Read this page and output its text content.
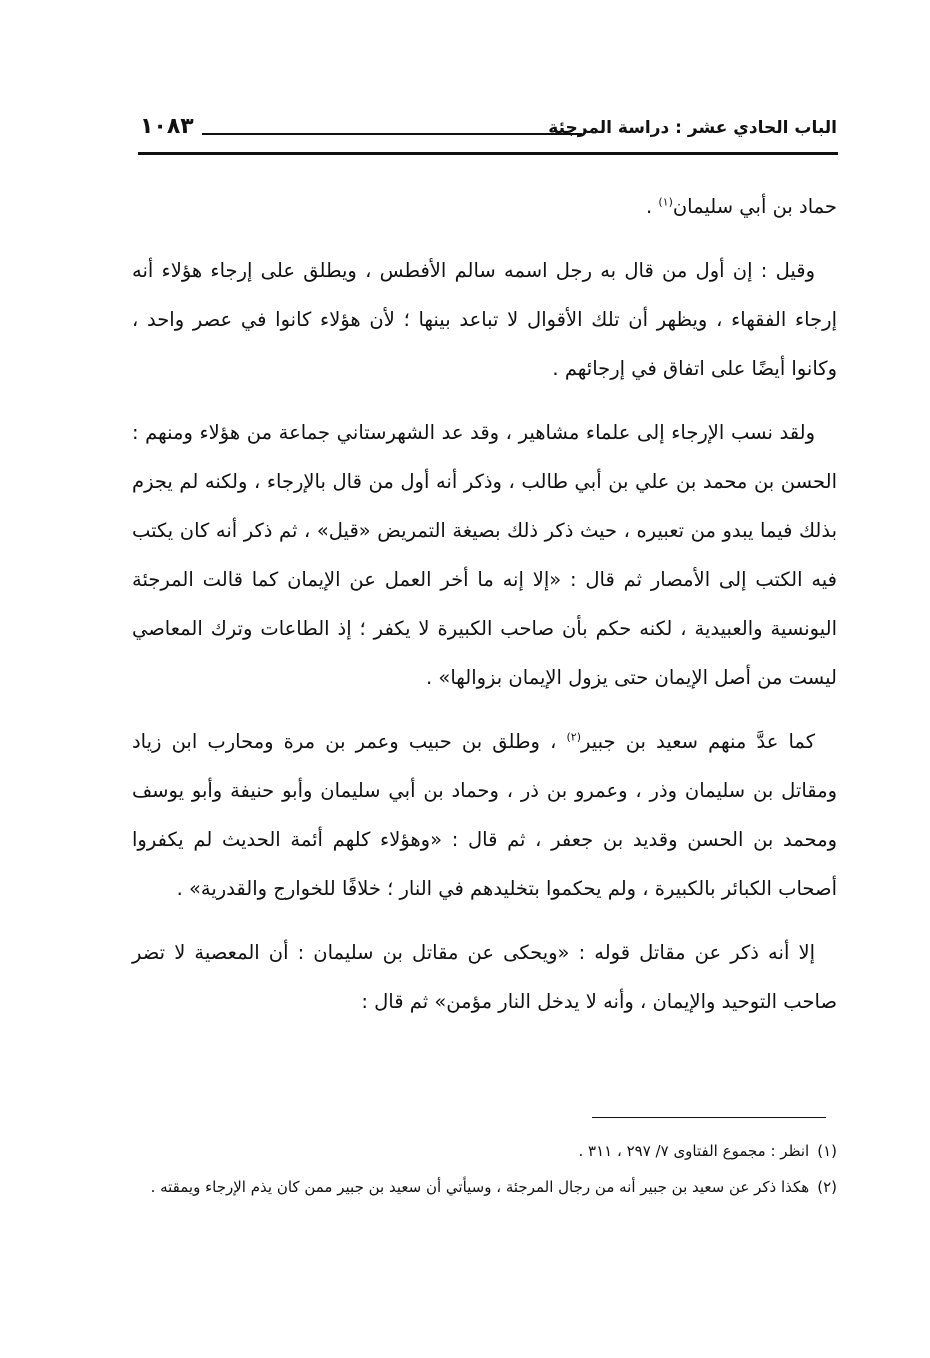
الباب الحادي عشر : دراسة المرجئة
١٠٨٣

حماد بن أبي سليمان$^{(١)}$ .

وقيل : إن أول من قال به رجل اسمه سالم الأفطس ، ويطلق على إرجاء هؤلاء أنه إرجاء الفقهاء ، ويظهر أن تلك الأقوال لا تباعد بينها ؛ لأن هؤلاء كانوا في عصر واحد ، وكانوا أيضًا على اتفاق في إرجائهم .

ولقد نسب الإرجاء إلى علماء مشاهير ، وقد عد الشهرستاني جماعة من هؤلاء ومنهم : الحسن بن محمد بن علي بن أبي طالب ، وذكر أنه أول من قال بالإرجاء ، ولكنه لم يجزم بذلك فيما يبدو من تعبيره ، حيث ذكر ذلك بصيغة التمريض «قيل» ، ثم ذكر أنه كان يكتب فيه الكتب إلى الأمصار ثم قال : «إلا إنه ما أخر العمل عن الإيمان كما قالت المرجئة اليونسية والعبيدية ، لكنه حكم بأن صاحب الكبيرة لا يكفر ؛ إذ الطاعات وترك المعاصي ليست من أصل الإيمان حتى يزول الإيمان بزوالها» .

كما عدَّ منهم سعيد بن جبير$^{(٢)}$ ، وطلق بن حبيب وعمر بن مرة ومحارب ابن زياد ومقاتل بن سليمان وذر ، وعمرو بن ذر ، وحماد بن أبي سليمان وأبو حنيفة وأبو يوسف ومحمد بن الحسن وقديد بن جعفر ، ثم قال : «وهؤلاء كلهم أئمة الحديث لم يكفروا أصحاب الكبائر بالكبيرة ، ولم يحكموا بتخليدهم في النار ؛ خلافًا للخوارج والقدرية» .

إلا أنه ذكر عن مقاتل قوله : «ويحكى عن مقاتل بن سليمان : أن المعصية لا تضر صاحب التوحيد والإيمان ، وأنه لا يدخل النار مؤمن» ثم قال :

(١)انظر : مجموع الفتاوى ٧/ ٢٩٧ ، ٣١١ .

(٢)هكذا ذكر عن سعيد بن جبير أنه من رجال المرجئة ، وسيأتي أن سعيد بن جبير ممن كان يذم الإرجاء ويمقته .
